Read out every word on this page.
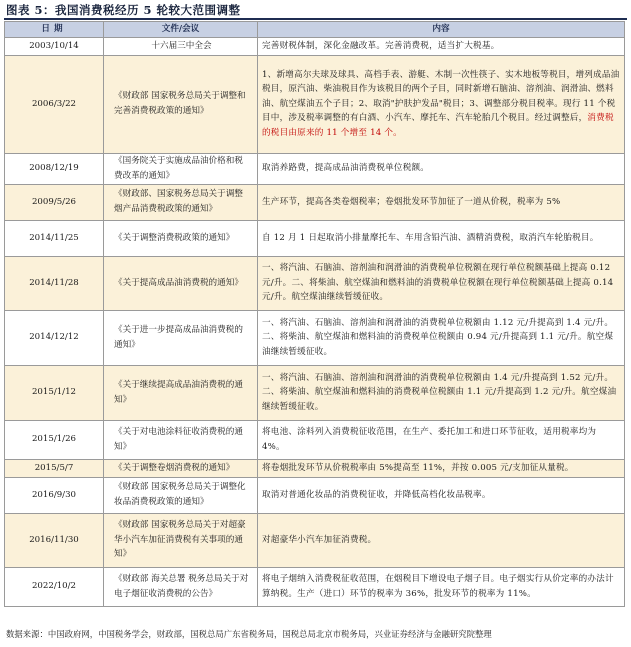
图表 5：我国消费税经历 5 轮较大范围调整
日期	文件/会议	内容
2003/10/14	十六届三中全会	完善财税体制，深化金融改革。完善消费税，适当扩大税基。
2006/3/22	《财政部 国家税务总局关于调整和完善消费税政策的通知》	1、新增高尔夫球及球具、高档手表、游艇、木制一次性筷子、实木地板等税目，增列成品油税目，原汽油、柴油税目作为该税目的两个子目，同时新增石脑油、溶剂油、润滑油、燃料油、航空煤油五个子目；2、取消"护肤护发品"税目；3、调整部分税目税率。现行 11 个税目中，涉及税率调整的有白酒、小汽车、摩托车、汽车轮胎几个税目。经过调整后，消费税的税目由原来的 11 个增至 14 个。
2008/12/19	《国务院关于实施成品油价格和税费改革的通知》	取消养路费，提高成品油消费税单位税额。
2009/5/26	《财政部、国家税务总局关于调整烟产品消费税政策的通知》	生产环节，提高各类卷烟税率；卷烟批发环节加征了一道从价税，税率为 5%
2014/11/25	《关于调整消费税政策的通知》	自 12 月 1 日起取消小排量摩托车、车用含铅汽油、酒精消费税，取消汽车轮胎税目。
2014/11/28	《关于提高成品油消费税的通知》	一、将汽油、石脑油、溶剂油和润滑油的消费税单位税额在现行单位税额基础上提高 0.12 元/升。二、将柴油、航空煤油和燃料油的消费税单位税额在现行单位税额基础上提高 0.14 元/升。航空煤油继续暂缓征收。
2014/12/12	《关于进一步提高成品油消费税的通知》	一、将汽油、石脑油、溶剂油和润滑油的消费税单位税额由 1.12 元/升提高到 1.4 元/升。二、将柴油、航空煤油和燃料油的消费税单位税额由 0.94 元/升提高到 1.1 元/升。航空煤油继续暂缓征收。
2015/1/12	《关于继续提高成品油消费税的通知》	一、将汽油、石脑油、溶剂油和润滑油的消费税单位税额由 1.4 元/升提高到 1.52 元/升。二、将柴油、航空煤油和燃料油的消费税单位税额由 1.1 元/升提高到 1.2 元/升。航空煤油继续暂缓征收。
2015/1/26	《关于对电池涂料征收消费税的通知》	将电池、涂料列入消费税征收范围，在生产、委托加工和进口环节征收，适用税率均为 4%。
2015/5/7	《关于调整卷烟消费税的通知》	将卷烟批发环节从价税税率由 5%提高至 11%，并按 0.005 元/支加征从量税。
2016/9/30	《财政部 国家税务总局关于调整化妆品消费税政策的通知》	取消对普通化妆品的消费税征收，并降低高档化妆品税率。
2016/11/30	《财政部 国家税务总局关于对超豪华小汽车加征消费税有关事项的通知》	对超豪华小汽车加征消费税。
2022/10/2	《财政部 海关总署 税务总局关于对电子烟征收消费税的公告》	将电子烟纳入消费税征收范围，在烟税目下增设电子烟子目。电子烟实行从价定率的办法计算纳税。生产（进口）环节的税率为 36%，批发环节的税率为 11%。
数据来源：中国政府网，中国税务学会，财政部，国税总局广东省税务局，国税总局北京市税务局，兴业证券经济与金融研究院整理
